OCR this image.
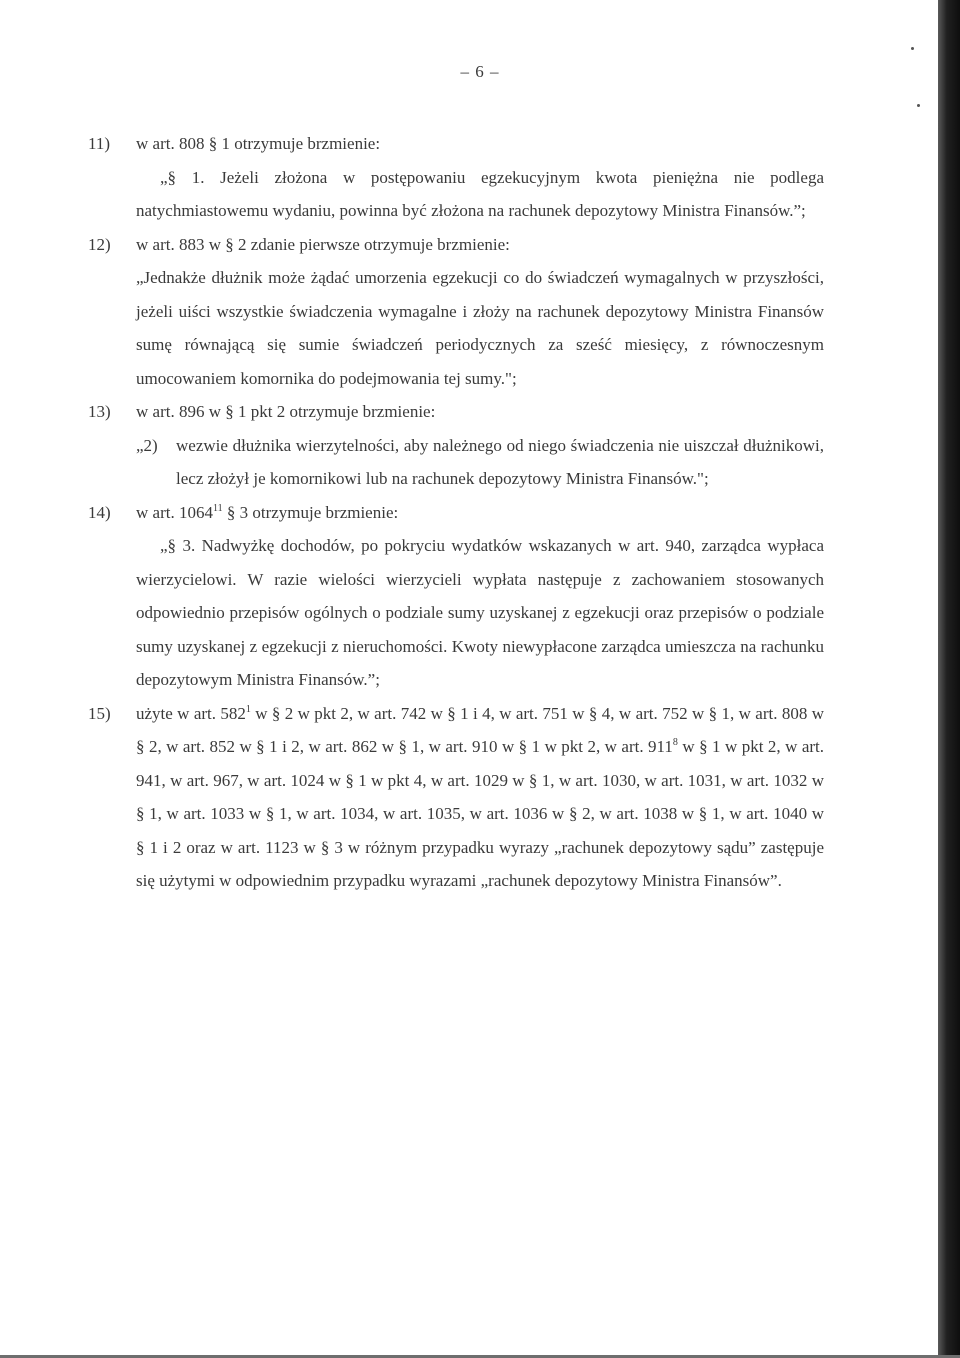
– 6 –
11) w art. 808 § 1 otrzymuje brzmienie:

„§ 1. Jeżeli złożona w postępowaniu egzekucyjnym kwota pieniężna nie podlega natychmiastowemu wydaniu, powinna być złożona na rachunek depozytowy Ministra Finansów.”;

12) w art. 883 w § 2 zdanie pierwsze otrzymuje brzmienie:

„Jednakże dłużnik może żądać umorzenia egzekucji co do świadczeń wymagalnych w przyszłości, jeżeli uiści wszystkie świadczenia wymagalne i złoży na rachunek depozytowy Ministra Finansów sumę równającą się sumie świadczeń periodycznych za sześć miesięcy, z równoczesnym umocowaniem komornika do podejmowania tej sumy.";

13) w art. 896 w § 1 pkt 2 otrzymuje brzmienie:

„2) wezwie dłużnika wierzytelności, aby należnego od niego świadczenia nie uiszczał dłużnikowi, lecz złożył je komornikowi lub na rachunek depozytowy Ministra Finansów.";

14) w art. 1064$^{11}$ § 3 otrzymuje brzmienie:

„§ 3. Nadwyżkę dochodów, po pokryciu wydatków wskazanych w art. 940, zarządca wypłaca wierzycielowi. W razie wielości wierzycieli wypłata następuje z zachowaniem stosowanych odpowiednio przepisów ogólnych o podziale sumy uzyskanej z egzekucji oraz przepisów o podziale sumy uzyskanej z egzekucji z nieruchomości. Kwoty niewypłacone zarządca umieszcza na rachunku depozytowym Ministra Finansów.”;

15) użyte w art. $582^1$ w § 2 w pkt 2, w art. 742 w § 1 i 4, w art. 751 w § 4, w art. 752 w § 1, w art. 808 w § 2, w art. 852 w § 1 i 2, w art. 862 w § 1, w art. 910 w § 1 w pkt 2, w art. $911^8$ w § 1 w pkt 2, w art. 941, w art. 967, w art. 1024 w § 1 w pkt 4, w art. 1029 w § 1, w art. 1030, w art. 1031, w art. 1032 w § 1, w art. 1033 w § 1, w art. 1034, w art. 1035, w art. 1036 w § 2, w art. 1038 w § 1, w art. 1040 w § 1 i 2 oraz w art. 1123 w § 3 w różnym przypadku wyrazy „rachunek depozytowy sądu” zastępuje się użytymi w odpowiednim przypadku wyrazami „rachunek depozytowy Ministra Finansów”.
